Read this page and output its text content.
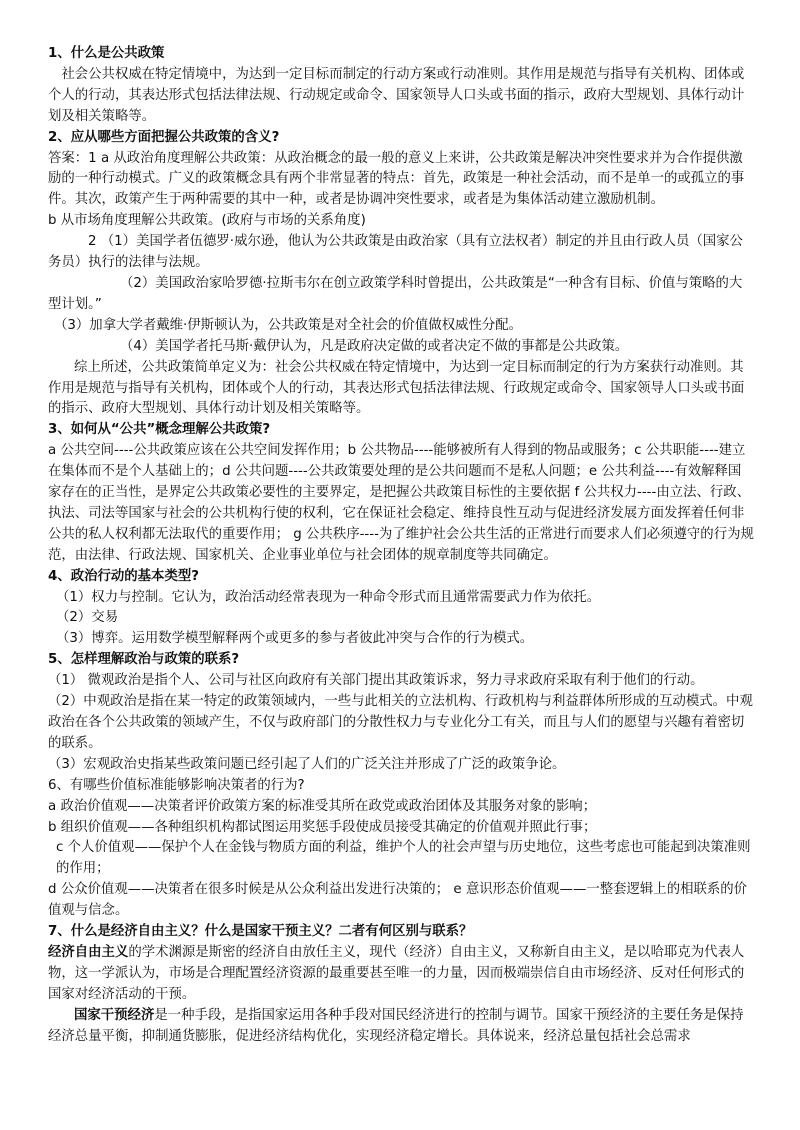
1、什么是公共政策

社会公共权威在特定情境中，为达到一定目标而制定的行动方案或行动准则。其作用是规范与指导有关机构、团体或个人的行动，其表达形式包括法律法规、行动规定或命令、国家领导人口头或书面的指示，政府大型规划、具体行动计划及相关策略等。

2、应从哪些方面把握公共政策的含义?

答案：1 a 从政治角度理解公共政策：从政治概念的最一般的意义上来讲，公共政策是解决冲突性要求并为合作提供激励的一种行动模式。广义的政策概念具有两个非常显著的特点：首先，政策是一种社会活动，而不是单一的或孤立的事件。其次，政策产生于两种需要的其中一种，或者是协调冲突性要求，或者是为集体活动建立激励机制。

b 从市场角度理解公共政策。(政府与市场的关系角度)

2 （1）美国学者伍德罗·威尔逊，他认为公共政策是由政治家（具有立法权者）制定的并且由行政人员（国家公务员）执行的法律与法规。

（2）美国政治家哈罗德·拉斯韦尔在创立政策学科时曾提出，公共政策是“一种含有目标、价值与策略的大型计划。”

（3）加拿大学者戴维·伊斯顿认为，公共政策是对全社会的价值做权威性分配。

（4）美国学者托马斯·戴伊认为，凡是政府决定做的或者决定不做的事都是公共政策。

综上所述，公共政策简单定义为：社会公共权威在特定情境中，为达到一定目标而制定的行为方案获行动准则。其作用是规范与指导有关机构，团体或个人的行动，其表达形式包括法律法规、行政规定或命令、国家领导人口头或书面的指示、政府大型规划、具体行动计划及相关策略等。

3、如何从“公共”概念理解公共政策?

a 公共空间----公共政策应该在公共空间发挥作用；b 公共物品----能够被所有人得到的物品或服务；c 公共职能----建立在集体而不是个人基础上的；d 公共问题----公共政策要处理的是公共问题而不是私人问题；e 公共利益----有效解释国家存在的正当性，是界定公共政策必要性的主要界定，是把握公共政策目标性的主要依据 f 公共权力----由立法、行政、执法、司法等国家与社会的公共机构行使的权利，它在保证社会稳定、维持良性互动与促进经济发展方面发挥着任何非公共的私人权利都无法取代的重要作用； g 公共秩序----为了维护社会公共生活的正常进行而要求人们必须遵守的行为规范，由法律、行政法规、国家机关、企业事业单位与社会团体的规章制度等共同确定。

4、政治行动的基本类型?

（1）权力与控制。它认为，政治活动经常表现为一种命令形式而且通常需要武力作为依托。

（2）交易

（3）博弈。运用数学模型解释两个或更多的参与者彼此冲突与合作的行为模式。

5、怎样理解政治与政策的联系?

（1） 微观政治是指个人、公司与社区向政府有关部门提出其政策诉求，努力寻求政府采取有利于他们的行动。

（2）中观政治是指在某一特定的政策领域内，一些与此相关的立法机构、行政机构与利益群体所形成的互动模式。中观政治在各个公共政策的领域产生，不仅与政府部门的分散性权力与专业化分工有关，而且与人们的愿望与兴趣有着密切的联系。

（3）宏观政治史指某些政策问题已经引起了人们的广泛关注并形成了广泛的政策争论。

6、有哪些价值标准能够影响决策者的行为?

a 政治价值观——决策者评价政策方案的标准受其所在政党或政治团体及其服务对象的影响；

b 组织价值观——各种组织机构都试图运用奖惩手段使成员接受其确定的价值观并照此行事；

c 个人价值观——保护个人在金钱与物质方面的利益，维护个人的社会声望与历史地位，这些考虑也可能起到决策准则的作用；

d 公众价值观——决策者在很多时候是从公众利益出发进行决策的； e 意识形态价值观——一整套逻辑上的相联系的价值观与信念。

7、什么是经济自由主义？什么是国家干预主义？二者有何区别与联系？

经济自由主义的学术渊源是斯密的经济自由放任主义，现代（经济）自由主义，又称新自由主义，是以哈耶克为代表人物，这一学派认为，市场是合理配置经济资源的最重要甚至唯一的力量，因而极端崇信自由市场经济、反对任何形式的国家对经济活动的干预。

国家干预经济是一种手段，是指国家运用各种手段对国民经济进行的控制与调节。国家干预经济的主要任务是保持经济总量平衡，抑制通货膨胀，促进经济结构优化，实现经济稳定增长。具体说来，经济总量包括社会总需求
